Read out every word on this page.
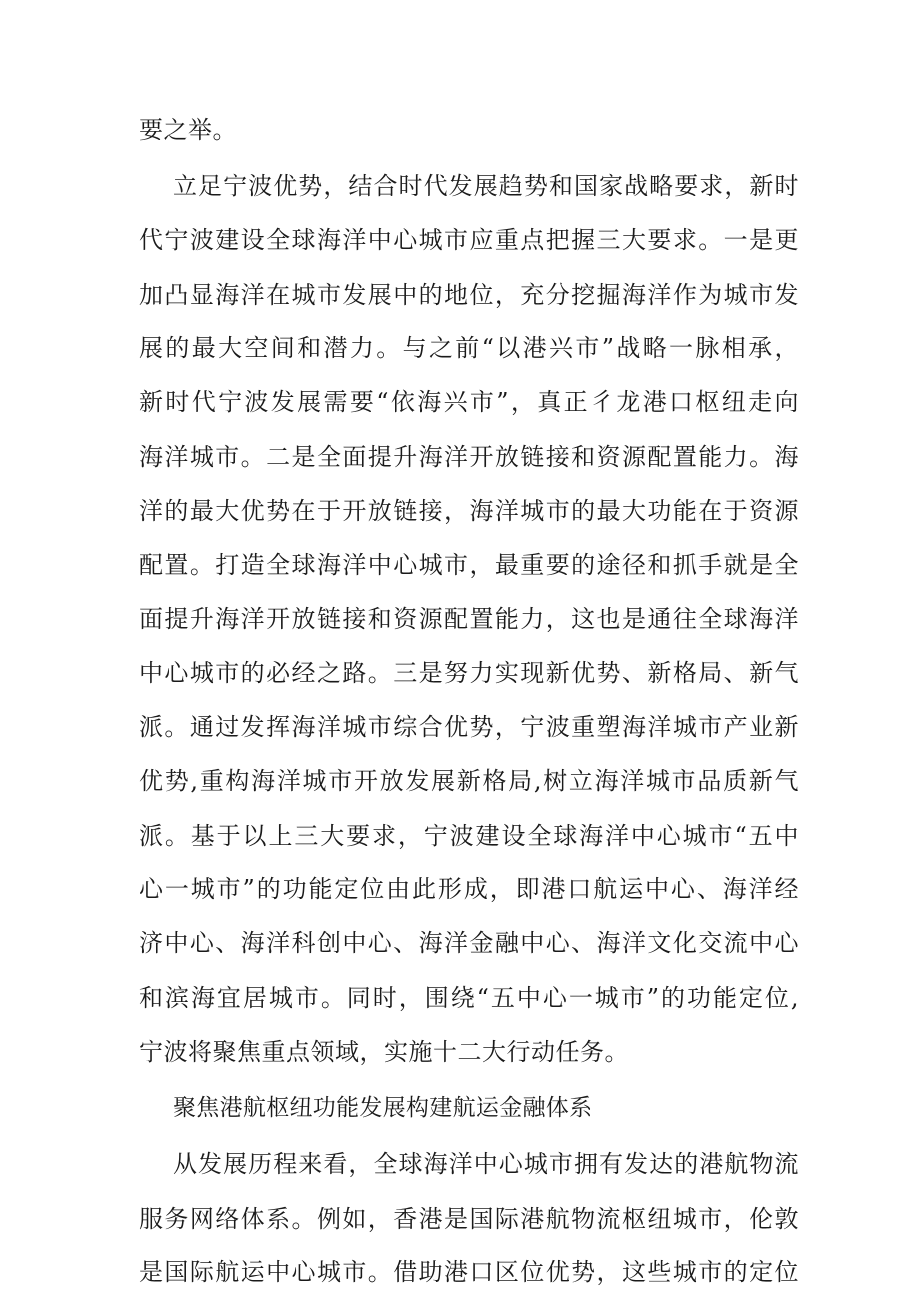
要之举。
立足宁波优势，结合时代发展趋势和国家战略要求，新时
代宁波建设全球海洋中心城市应重点把握三大要求。一是更
加凸显海洋在城市发展中的地位，充分挖掘海洋作为城市发
展的最大空间和潜力。与之前“以港兴市”战略一脉相承，
新时代宁波发展需要“依海兴市”，真正彳龙港口枢纽走向
海洋城市。二是全面提升海洋开放链接和资源配置能力。海
洋的最大优势在于开放链接，海洋城市的最大功能在于资源
配置。打造全球海洋中心城市，最重要的途径和抓手就是全
面提升海洋开放链接和资源配置能力，这也是通往全球海洋
中心城市的必经之路。三是努力实现新优势、新格局、新气
派。通过发挥海洋城市综合优势，宁波重塑海洋城市产业新
优势,重构海洋城市开放发展新格局,树立海洋城市品质新气
派。基于以上三大要求，宁波建设全球海洋中心城市“五中
心一城市”的功能定位由此形成，即港口航运中心、海洋经
济中心、海洋科创中心、海洋金融中心、海洋文化交流中心
和滨海宜居城市。同时，围绕“五中心一城市”的功能定位,
宁波将聚焦重点领域，实施十二大行动任务。
聚焦港航枢纽功能发展构建航运金融体系
从发展历程来看，全球海洋中心城市拥有发达的港航物流
服务网络体系。例如，香港是国际港航物流枢纽城市，伦敦
是国际航运中心城市。借助港口区位优势，这些城市的定位
